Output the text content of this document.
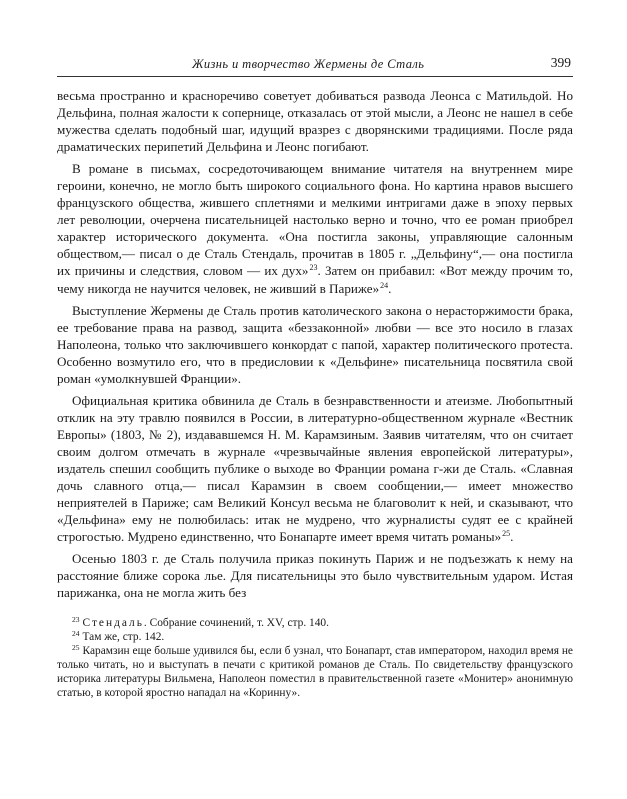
Жизнь и творчество Жермены де Сталь	399

весьма пространно и красноречиво советует добиваться развода Леонса с Матильдой. Но Дельфина, полная жалости к сопернице, отказалась от этой мысли, а Леонс не нашел в себе мужества сделать подобный шаг, идущий вразрез с дворянскими традициями. После ряда драматических перипетий Дельфина и Леонс погибают.

В романе в письмах, сосредоточивающем внимание читателя на внутреннем мире героини, конечно, не могло быть широкого социального фона. Но картина нравов высшего французского общества, жившего сплетнями и мелкими интригами даже в эпоху первых лет революции, очерчена писательницей настолько верно и точно, что ее роман приобрел характер исторического документа. «Она постигла законы, управляющие салонным обществом,— писал о де Сталь Стендаль, прочитав в 1805 г. „Дельфину“,— она постигла их причины и следствия, словом — их дух»$^{23}$. Затем он прибавил: «Вот между прочим то, чему никогда не научится человек, не живший в Париже»$^{24}$.

Выступление Жермены де Сталь против католического закона о нерасторжимости брака, ее требование права на развод, защита «беззаконной» любви — все это носило в глазах Наполеона, только что заключившего конкордат с папой, характер политического протеста. Особенно возмутило его, что в предисловии к «Дельфине» писательница посвятила свой роман «умолкнувшей Франции».

Официальная критика обвинила де Сталь в безнравственности и атеизме. Любопытный отклик на эту травлю появился в России, в литературно-общественном журнале «Вестник Европы» (1803, № 2), издававшемся Н. М. Карамзиным. Заявив читателям, что он считает своим долгом отмечать в журнале «чрезвычайные явления европейской литературы», издатель спешил сообщить публике о выходе во Франции романа г-жи де Сталь. «Славная дочь славного отца,— писал Карамзин в своем сообщении,— имеет множество неприятелей в Париже; сам Великий Консул весьма не благоволит к ней, и сказывают, что «Дельфина» ему не полюбилась: итак не мудрено, что журналисты судят ее с крайней строгостью. Мудрено единственно, что Бонапарте имеет время читать романы»$^{25}$.

Осенью 1803 г. де Сталь получила приказ покинуть Париж и не подъезжать к нему на расстояние ближе сорока лье. Для писательницы это было чувствительным ударом. Истая парижанка, она не могла жить без

$^{23}$ Стендаль. Собрание сочинений, т. XV, стр. 140.

$^{24}$ Там же, стр. 142.

$^{25}$ Карамзин еще больше удивился бы, если б узнал, что Бонапарт, став императором, находил время не только читать, но и выступать в печати с критикой романов де Сталь. По свидетельству французского историка литературы Вильмена, Наполеон поместил в правительственной газете «Монитер» анонимную статью, в которой яростно нападал на «Коринну».
